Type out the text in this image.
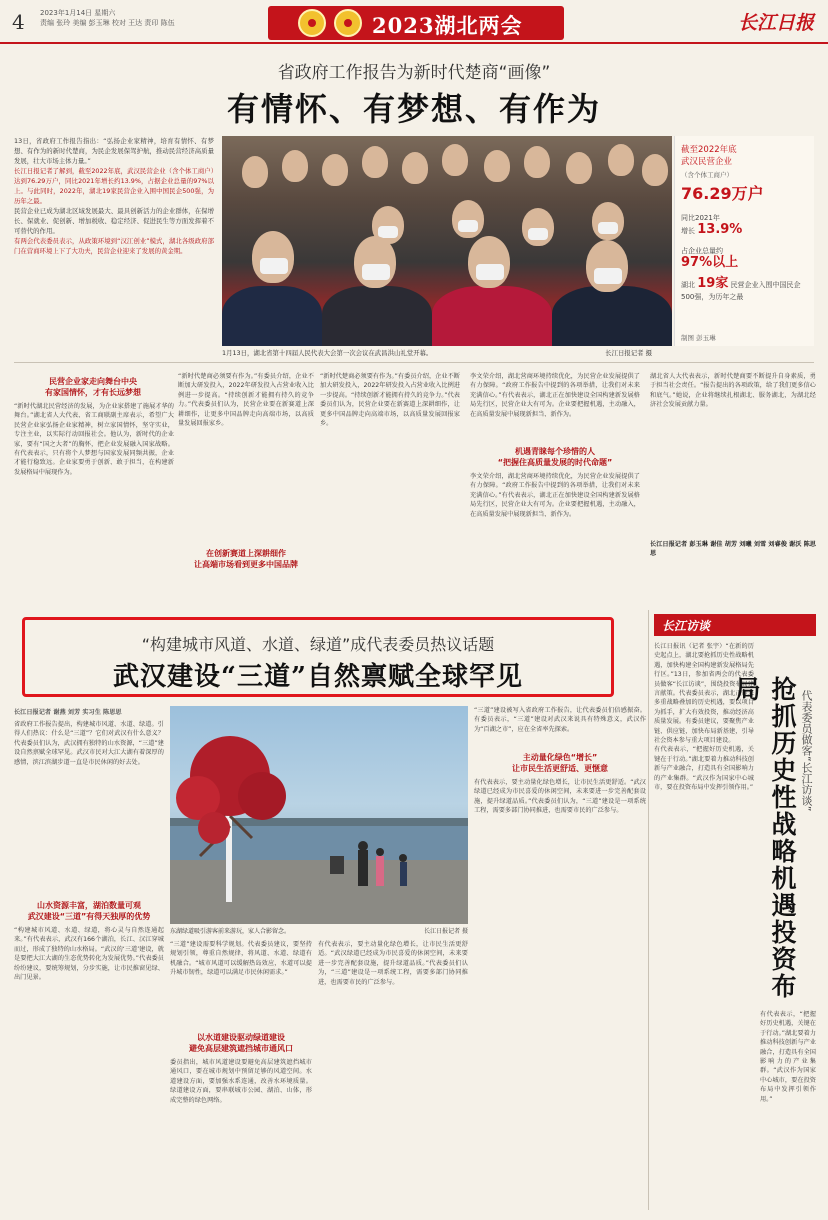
4 2023年1月14日 星期六
责编 张玲 美编 彭玉琳 校对 王达 责印 陈伍	2023湖北两会	长江日报
省政府工作报告为新时代楚商“画像”
有情怀、有梦想、有作为

13日，省政府工作报告指出：“弘扬企业家精神，培育有情怀、有梦想、有作为的新时代楚商，为民企发展保驾护航，推动民营经济高质量发展，壮大市场主体力量。”

长江日报记者了解到，截至2022年底，武汉民营企业（含个体工商户）达到76.29万户，同比2021年增长约13.9%，占据企业总量的97%以上。与此同时，2022年，湖北19家民营企业入围中国民企500强，为历年之最。

民营企业已成为湖北区域发展最大、最具创新活力的企业群体，在保增长、保就业、促创新、增加税收、稳定经济、促进民生等方面发挥着不可替代的作用。

有两会代表委员表示，从政策环境到“汉江创业”模式，湖北各级政府部门在营商环境上下了大功夫，民营企业迎来了发展的黄金期。

1月13日，湖北省第十四届人民代表大会第一次会议在武昌洪山礼堂开幕。	长江日报记者 摄
截至2022年底
武汉民营企业
（含个体工商户）
76.29万户
同比2021年
增长 13.9%
占企业总量约
97%以上
湖北 19家 民营企业入围中国民企500强，为历年之最
制图 彭玉琳
民营企业家走向舞台中央
有家国情怀，才有长远梦想
“新时代湖北民营经济的发展，为企业家搭建了施展才华的舞台。”湖北省人大代表、省工商联副主席表示，希望广大民营企业家弘扬企业家精神，树立家国情怀，坚守实业，专注主业，以实际行动回报社会。他认为，新时代的企业家，要有“国之大者”的胸怀，把企业发展融入国家战略。有代表表示，只有将个人梦想与国家发展同频共振，企业才能行稳致远。企业家要勇于创新、敢于担当，在构建新发展格局中展现作为。
“新时代楚商必须要有作为。”有委员介绍，企业不断加大研发投入，2022年研发投入占营业收入比例进一步提高。“持续创新才能拥有持久的竞争力。”代表委员们认为，民营企业要在新赛道上深耕细作，让更多中国品牌走向高端市场，以高质量发展回报家乡。
在创新赛道上深耕细作
让高端市场看到更多中国品牌
“新时代楚商必须要有作为。”有委员介绍，企业不断加大研发投入，2022年研发投入占营业收入比例进一步提高。“持续创新才能拥有持久的竞争力。”代表委员们认为，民营企业要在新赛道上深耕细作，让更多中国品牌走向高端市场，以高质量发展回报家乡。
李文荣介绍，湖北营商环境持续优化，为民营企业发展提供了有力保障。“政府工作报告中提到的各项举措，让我们对未来充满信心。”有代表表示，湖北正在加快建设全国构建新发展格局先行区，民营企业大有可为。企业要把握机遇，主动融入，在高质量发展中展现新担当、新作为。
机遇青睐每个珍惜的人
“把握住高质量发展的时代命题”
李文荣介绍，湖北营商环境持续优化，为民营企业发展提供了有力保障。“政府工作报告中提到的各项举措，让我们对未来充满信心。”有代表表示，湖北正在加快建设全国构建新发展格局先行区，民营企业大有可为。企业要把握机遇，主动融入，在高质量发展中展现新担当、新作为。
湖北省人大代表表示，新时代楚商要不断提升自身素质，勇于担当社会责任。“报告提出的各项政策，给了我们更多信心和底气。”她说，企业将继续扎根湖北、服务湖北，为湖北经济社会发展贡献力量。
长江日报记者 彭玉琳 谢佳 胡芳 刘曦 刘雪 刘睿俊 谢沃 陈思思
“构建城市风道、水道、绿道”成代表委员热议话题
武汉建设“三道”自然禀赋全球罕见
长江访谈

长江日报讯（记者 张宇）“在新的历史起点上，湖北要抢抓历史性战略机遇，加快构建全国构建新发展格局先行区。”13日，参加省两会的代表委员做客“长江访谈”，围绕投资布局建言献策。代表委员表示，湖北正迎来多重战略叠加的历史机遇，要以项目为抓手，扩大有效投资，推动经济高质量发展。有委员建议，要聚焦产业链、供应链，加快布局新基建，引导社会资本参与重大项目建设。

有代表表示，“把握好历史机遇，关键在于行动。”湖北要着力推动科技创新与产业融合，打造具有全国影响力的产业集群。“武汉作为国家中心城市，要在投资布局中发挥引领作用。” 抢抓历史性战略机遇投资布局
代表委员做客“长江访谈”
有代表表示，“把握好历史机遇，关键在于行动。”湖北要着力推动科技创新与产业融合，打造具有全国影响力的产业集群。“武汉作为国家中心城市，要在投资布局中发挥引领作用。”
长江日报记者 谢燕 刘芳 实习生 陈思思
省政府工作报告提出，构建城市风道、水道、绿道。引得人们热议：什么是“三道”？它们对武汉有什么意义？代表委员们认为，武汉拥有独特的山水资源，“三道”建设自然禀赋全球罕见。武汉市民对大江大湖有着深厚的感情，滨江滨湖步道一直是市民休闲的好去处。
山水资源丰富，湖泊数量可观
武汉建设“三道”有得天独厚的优势
“构建城市风道、水道、绿道，将心灵与自然连通起来。”有代表表示，武汉有166个湖泊，长江、汉江穿城而过，形成了独特的山水格局。“武汉的‘三道’建设，就是要把大江大湖的生态优势转化为发展优势。”代表委员纷纷建议，要统筹规划，分步实施，让市民推窗见绿、出门见景。
东湖绿道吸引游客前来游玩，家人合影留念。	长江日报记者 摄
“三道”建设需要科学规划。代表委员建议，要坚持规划引领，尊重自然规律，将风道、水道、绿道有机融合。“城市风道可以缓解热岛效应，水道可以提升城市韧性，绿道可以满足市民休闲需求。”
以水道建设驱动绿道建设
避免高层建筑遮挡城市通风口
委员指出，城市风道建设要避免高层建筑遮挡城市通风口，要在城市规划中预留足够的风道空间。水道建设方面，要加强水系连通，改善水环境质量。绿道建设方面，要串联城市公园、湖泊、山体，形成完整的绿色网络。
有代表表示，要主动量化绿色增长，让市民生活更舒适。“武汉绿道已经成为市民喜爱的休闲空间，未来要进一步完善配套设施，提升绿道品质。”代表委员们认为，“三道”建设是一项系统工程，需要多部门协同推进，也需要市民的广泛参与。
“三道”建设被写入省政府工作报告，让代表委员们倍感振奋。有委员表示，“三道”建设对武汉来说具有特殊意义，武汉作为“百湖之市”，应在全省率先探索。
主动量化绿色“增长”
让市民生活更舒适、更惬意
有代表表示，要主动量化绿色增长，让市民生活更舒适。“武汉绿道已经成为市民喜爱的休闲空间，未来要进一步完善配套设施，提升绿道品质。”代表委员们认为，“三道”建设是一项系统工程，需要多部门协同推进，也需要市民的广泛参与。
